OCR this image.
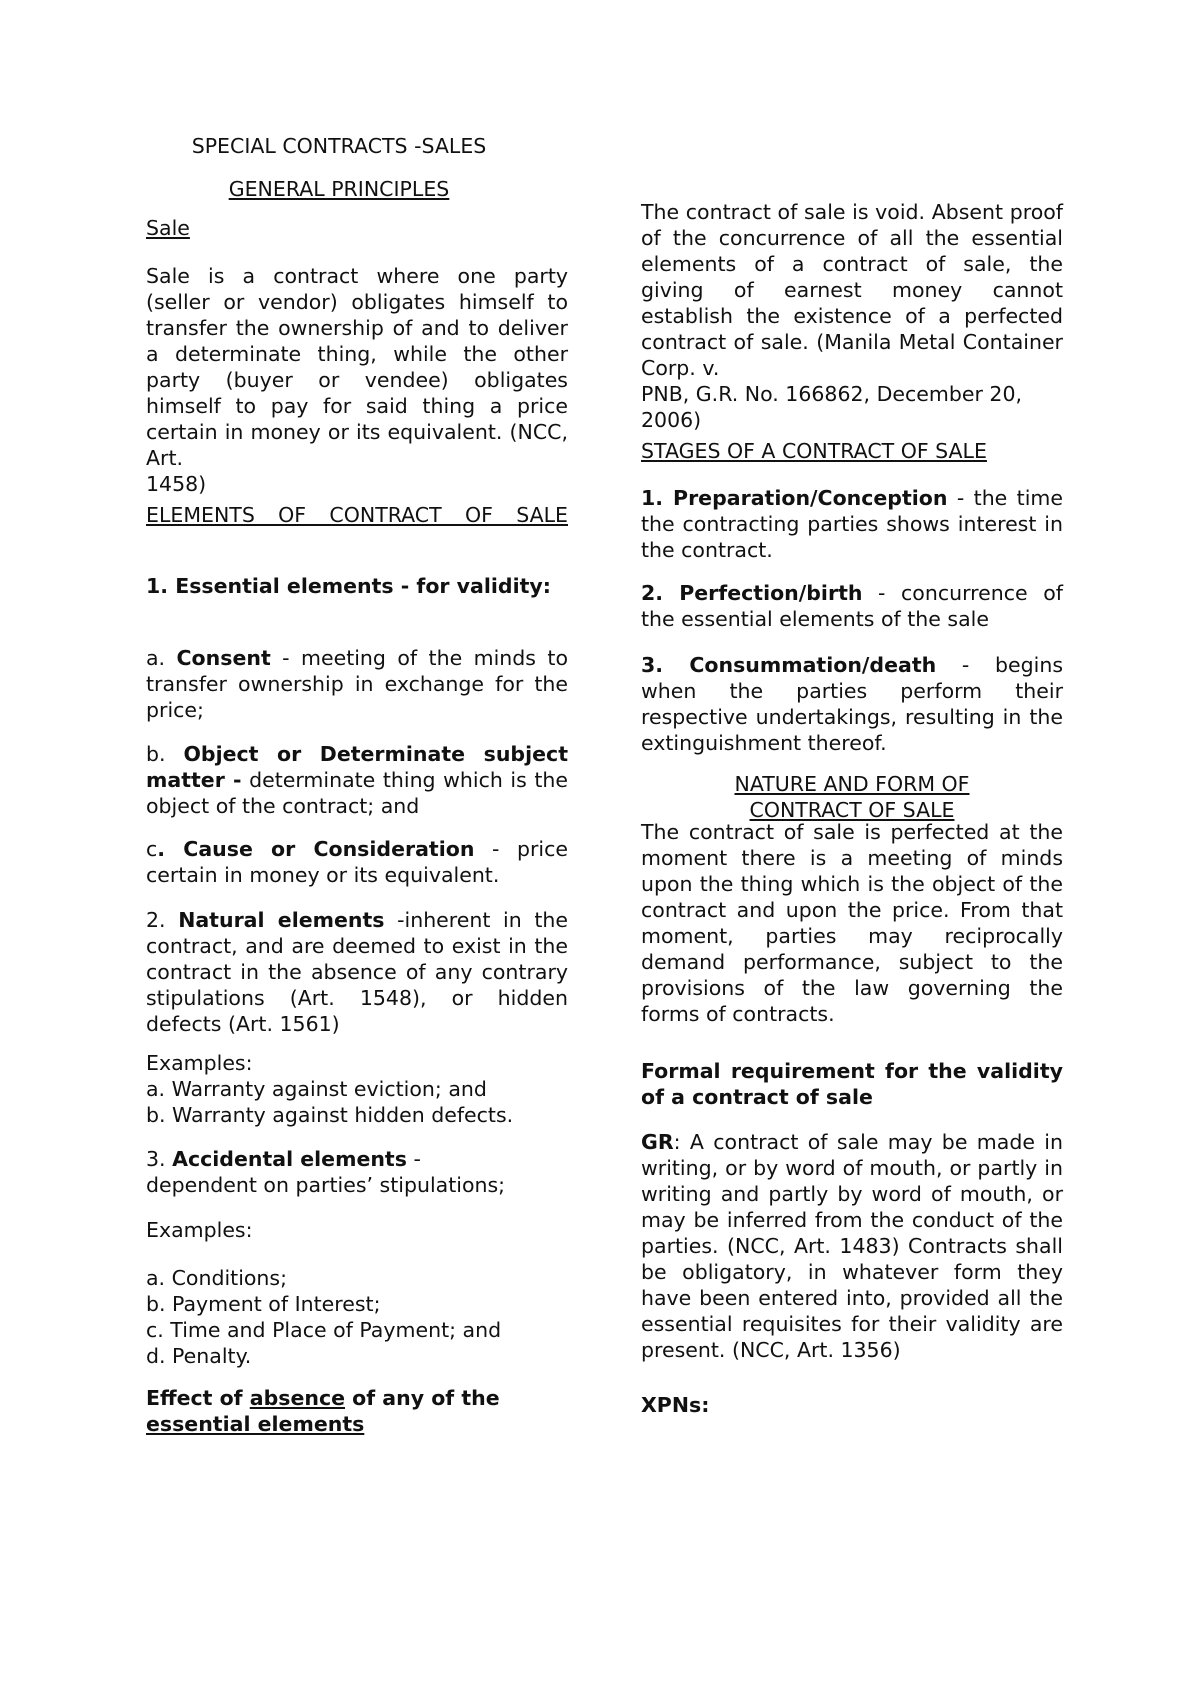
SPECIAL CONTRACTS -SALES

GENERAL PRINCIPLES

Sale

Sale is a contract where one party (seller or vendor) obligates himself to transfer the ownership of and to deliver a determinate thing, while the other party (buyer or vendee) obligates himself to pay for said thing a price certain in money or its equivalent. (NCC, Art.

1458)

ELEMENTS OF CONTRACT OF SALE

1. Essential elements - for validity:

a. Consent - meeting of the minds to transfer ownership in exchange for the price;

b. Object or Determinate subject matter - determinate thing which is the object of the contract; and

c. Cause or Consideration - price certain in money or its equivalent.

2. Natural elements -inherent in the contract, and are deemed to exist in the contract in the absence of any contrary stipulations (Art. 1548), or hidden defects (Art. 1561)

Examples:

a. Warranty against eviction; and

b. Warranty against hidden defects.

3. Accidental elements -

dependent on parties’ stipulations;

Examples:

a. Conditions;

b. Payment of Interest;

c. Time and Place of Payment; and

d. Penalty.

Effect of absence of any of the

essential elements

The contract of sale is void. Absent proof of the concurrence of all the essential elements of a contract of sale, the giving of earnest money cannot establish the existence of a perfected contract of sale. (Manila Metal Container Corp. v.

PNB, G.R. No. 166862, December 20, 2006)

STAGES OF A CONTRACT OF SALE

1. Preparation/Conception - the time the contracting parties shows interest in the contract.

2. Perfection/birth - concurrence of the essential elements of the sale

3. Consummation/death - begins when the parties perform their respective undertakings, resulting in the extinguishment thereof.

NATURE AND FORM OF

CONTRACT OF SALE

The contract of sale is perfected at the moment there is a meeting of minds upon the thing which is the object of the contract and upon the price. From that moment, parties may reciprocally demand performance, subject to the provisions of the law governing the forms of contracts.

Formal requirement for the validity of a contract of sale

GR: A contract of sale may be made in writing, or by word of mouth, or partly in writing and partly by word of mouth, or may be inferred from the conduct of the parties. (NCC, Art. 1483) Contracts shall be obligatory, in whatever form they have been entered into, provided all the essential requisites for their validity are present. (NCC, Art. 1356)

XPNs:
